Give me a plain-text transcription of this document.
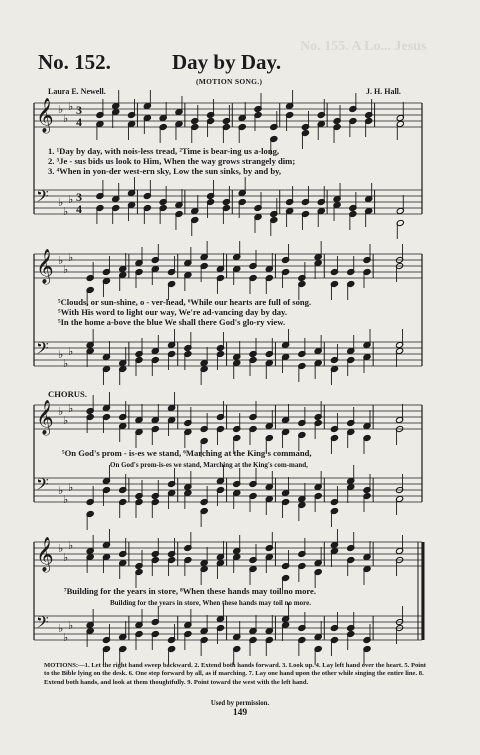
No. 155. A Lo... Jesus
No. 152.	Day by Day.
(MOTION SONG.)
Laura E. Newell.	J. H. Hall.
𝄞 ♭
♭
♭ 3
4
𝄢 ♭
♭
♭ 3
4
𝄞 ♭
♭
♭
𝄢 ♭
♭
♭
𝄞 ♭
♭
♭
𝄢 ♭
♭
♭
𝄞 ♭
♭
♭
𝄢 ♭
♭
♭
1. ¹Day by day, with nois-less tread, ²Time is bear-ing us a-long,
2. ³Je - sus bids us look to Him, When the way grows strangely dim;
3. ⁴When in yon-der west-ern sky, Low the sun sinks, by and by,
⁵Clouds, or sun-shine, o - ver-head, ⁶While our hearts are full of song.
⁵With His word to light our way, We're ad-vancing day by day.
⁵In the home a-bove the blue We shall there God's glo-ry view.
CHORUS.
⁵On God's prom - is-es we stand, ⁶Marching at the King's command,
On God's prom-is-es we stand, Marching at the King's com-mand,
⁷Building for the years in store, ⁸When these hands may toil no more.
Building for the years in store, When these hands may toil no more.
MOTIONS:—1. Let the right hand sweep backward. 2. Extend both hands forward. 3. Look up. 4. Lay left hand over the heart. 5. Point to the Bible lying on the desk. 6. One step forward by all, as if marching. 7. Lay one hand upon the other while singing the entire line. 8. Extend both hands, and look at them thoughtfully. 9. Point toward the west with the left hand.
Used by permission.
149
